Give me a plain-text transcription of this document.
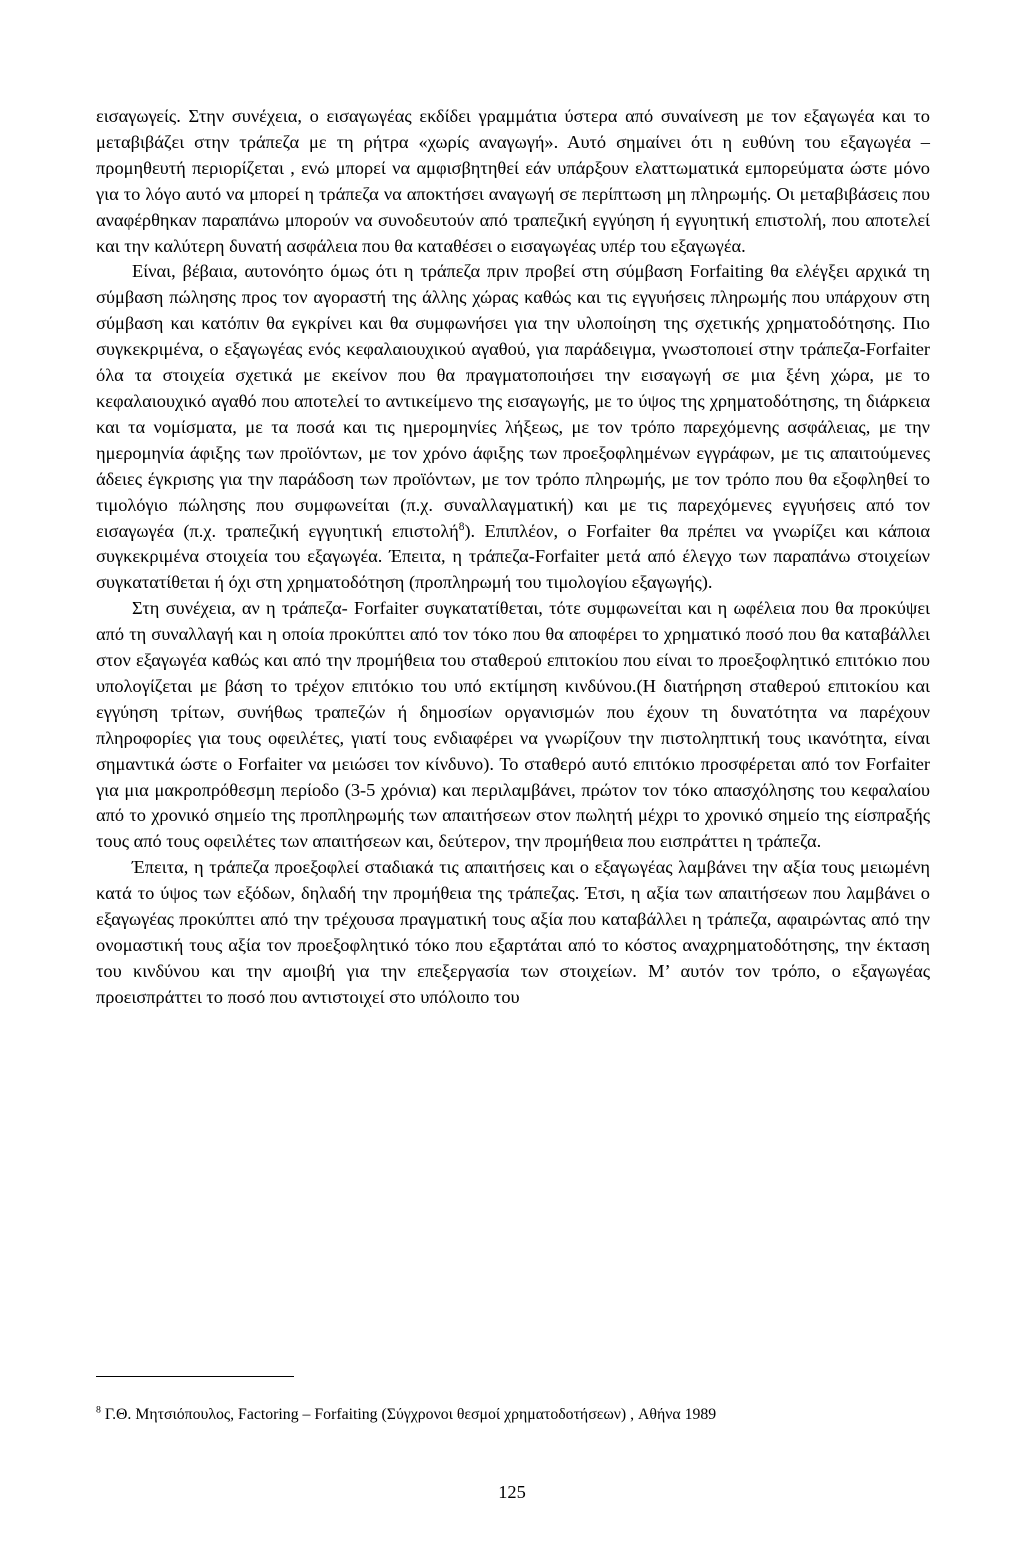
εισαγωγείς. Στην συνέχεια, ο εισαγωγέας εκδίδει γραμμάτια ύστερα από συναίνεση με τον εξαγωγέα και το μεταβιβάζει στην τράπεζα με τη ρήτρα «χωρίς αναγωγή». Αυτό σημαίνει ότι η ευθύνη του εξαγωγέα – προμηθευτή περιορίζεται , ενώ μπορεί να αμφισβητηθεί εάν υπάρξουν ελαττωματικά εμπορεύματα ώστε μόνο για το λόγο αυτό να μπορεί η τράπεζα να αποκτήσει αναγωγή σε περίπτωση μη πληρωμής. Οι μεταβιβάσεις που αναφέρθηκαν παραπάνω μπορούν να συνοδευτούν από τραπεζική εγγύηση ή εγγυητική επιστολή, που αποτελεί και την καλύτερη δυνατή ασφάλεια που θα καταθέσει ο εισαγωγέας υπέρ του εξαγωγέα.

Είναι, βέβαια, αυτονόητο όμως ότι η τράπεζα πριν προβεί στη σύμβαση Forfaiting θα ελέγξει αρχικά τη σύμβαση πώλησης προς τον αγοραστή της άλλης χώρας καθώς και τις εγγυήσεις πληρωμής που υπάρχουν στη σύμβαση και κατόπιν θα εγκρίνει και θα συμφωνήσει για την υλοποίηση της σχετικής χρηματοδότησης. Πιο συγκεκριμένα, ο εξαγωγέας ενός κεφαλαιουχικού αγαθού, για παράδειγμα, γνωστοποιεί στην τράπεζα-Forfaiter όλα τα στοιχεία σχετικά με εκείνον που θα πραγματοποιήσει την εισαγωγή σε μια ξένη χώρα, με το κεφαλαιουχικό αγαθό που αποτελεί το αντικείμενο της εισαγωγής, με το ύψος της χρηματοδότησης, τη διάρκεια και τα νομίσματα, με τα ποσά και τις ημερομηνίες λήξεως, με τον τρόπο παρεχόμενης ασφάλειας, με την ημερομηνία άφιξης των προϊόντων, με τον χρόνο άφιξης των προεξοφλημένων εγγράφων, με τις απαιτούμενες άδειες έγκρισης για την παράδοση των προϊόντων, με τον τρόπο πληρωμής, με τον τρόπο που θα εξοφληθεί το τιμολόγιο πώλησης που συμφωνείται (π.χ. συναλλαγματική) και με τις παρεχόμενες εγγυήσεις από τον εισαγωγέα (π.χ. τραπεζική εγγυητική επιστολή$^8$). Επιπλέον, ο Forfaiter θα πρέπει να γνωρίζει και κάποια συγκεκριμένα στοιχεία του εξαγωγέα. Έπειτα, η τράπεζα-Forfaiter μετά από έλεγχο των παραπάνω στοιχείων συγκατατίθεται ή όχι στη χρηματοδότηση (προπληρωμή του τιμολογίου εξαγωγής).

Στη συνέχεια, αν η τράπεζα- Forfaiter συγκατατίθεται, τότε συμφωνείται και η ωφέλεια που θα προκύψει από τη συναλλαγή και η οποία προκύπτει από τον τόκο που θα αποφέρει το χρηματικό ποσό που θα καταβάλλει στον εξαγωγέα καθώς και από την προμήθεια του σταθερού επιτοκίου που είναι το προεξοφλητικό επιτόκιο που υπολογίζεται με βάση το τρέχον επιτόκιο του υπό εκτίμηση κινδύνου.(Η διατήρηση σταθερού επιτοκίου και εγγύηση τρίτων, συνήθως τραπεζών ή δημοσίων οργανισμών που έχουν τη δυνατότητα να παρέχουν πληροφορίες για τους οφειλέτες, γιατί τους ενδιαφέρει να γνωρίζουν την πιστοληπτική τους ικανότητα, είναι σημαντικά ώστε ο Forfaiter να μειώσει τον κίνδυνο). Το σταθερό αυτό επιτόκιο προσφέρεται από τον Forfaiter για μια μακροπρόθεσμη περίοδο (3-5 χρόνια) και περιλαμβάνει, πρώτον τον τόκο απασχόλησης του κεφαλαίου από το χρονικό σημείο της προπληρωμής των απαιτήσεων στον πωλητή μέχρι το χρονικό σημείο της είσπραξής τους από τους οφειλέτες των απαιτήσεων και, δεύτερον, την προμήθεια που εισπράττει η τράπεζα.

Έπειτα, η τράπεζα προεξοφλεί σταδιακά τις απαιτήσεις και ο εξαγωγέας λαμβάνει την αξία τους μειωμένη κατά το ύψος των εξόδων, δηλαδή την προμήθεια της τράπεζας. Έτσι, η αξία των απαιτήσεων που λαμβάνει ο εξαγωγέας προκύπτει από την τρέχουσα πραγματική τους αξία που καταβάλλει η τράπεζα, αφαιρώντας από την ονομαστική τους αξία τον προεξοφλητικό τόκο που εξαρτάται από το κόστος αναχρηματοδότησης, την έκταση του κινδύνου και την αμοιβή για την επεξεργασία των στοιχείων. Μ’ αυτόν τον τρόπο, ο εξαγωγέας προεισπράττει το ποσό που αντιστοιχεί στο υπόλοιπο του

$^8$ Γ.Θ. Μητσιόπουλος, Factoring – Forfaiting (Σύγχρονοι θεσμοί χρηματοδοτήσεων) , Αθήνα 1989
125
